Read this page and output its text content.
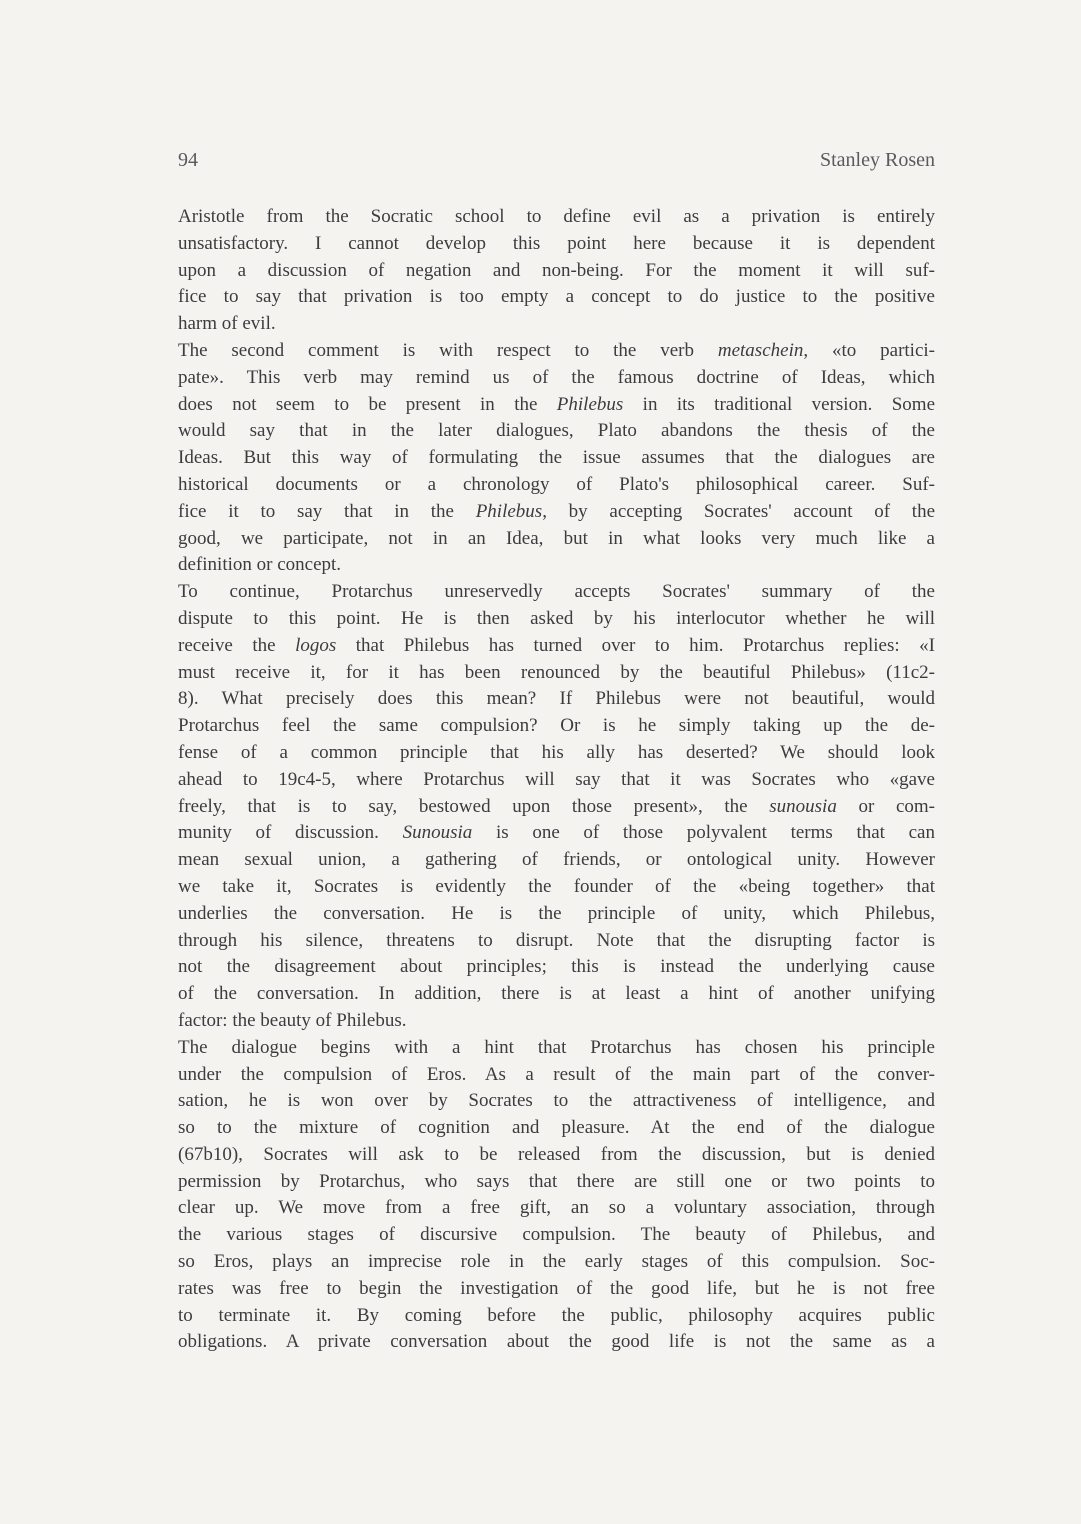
94	Stanley Rosen
Aristotle from the Socratic school to define evil as a privation is entirely
unsatisfactory. I cannot develop this point here because it is dependent
upon a discussion of negation and non-being. For the moment it will suf-
fice to say that privation is too empty a concept to do justice to the positive
harm of evil.
The second comment is with respect to the verb metaschein, «to partici-
pate». This verb may remind us of the famous doctrine of Ideas, which
does not seem to be present in the Philebus in its traditional version. Some
would say that in the later dialogues, Plato abandons the thesis of the
Ideas. But this way of formulating the issue assumes that the dialogues are
historical documents or a chronology of Plato's philosophical career. Suf-
fice it to say that in the Philebus, by accepting Socrates' account of the
good, we participate, not in an Idea, but in what looks very much like a
definition or concept.
To continue, Protarchus unreservedly accepts Socrates' summary of the
dispute to this point. He is then asked by his interlocutor whether he will
receive the logos that Philebus has turned over to him. Protarchus replies: «I
must receive it, for it has been renounced by the beautiful Philebus» (11c2-
8). What precisely does this mean? If Philebus were not beautiful, would
Protarchus feel the same compulsion? Or is he simply taking up the de-
fense of a common principle that his ally has deserted? We should look
ahead to 19c4-5, where Protarchus will say that it was Socrates who «gave
freely, that is to say, bestowed upon those present», the sunousia or com-
munity of discussion. Sunousia is one of those polyvalent terms that can
mean sexual union, a gathering of friends, or ontological unity. However
we take it, Socrates is evidently the founder of the «being together» that
underlies the conversation. He is the principle of unity, which Philebus,
through his silence, threatens to disrupt. Note that the disrupting factor is
not the disagreement about principles; this is instead the underlying cause
of the conversation. In addition, there is at least a hint of another unifying
factor: the beauty of Philebus.
The dialogue begins with a hint that Protarchus has chosen his principle
under the compulsion of Eros. As a result of the main part of the conver-
sation, he is won over by Socrates to the attractiveness of intelligence, and
so to the mixture of cognition and pleasure. At the end of the dialogue
(67b10), Socrates will ask to be released from the discussion, but is denied
permission by Protarchus, who says that there are still one or two points to
clear up. We move from a free gift, an so a voluntary association, through
the various stages of discursive compulsion. The beauty of Philebus, and
so Eros, plays an imprecise role in the early stages of this compulsion. Soc-
rates was free to begin the investigation of the good life, but he is not free
to terminate it. By coming before the public, philosophy acquires public
obligations. A private conversation about the good life is not the same as a
